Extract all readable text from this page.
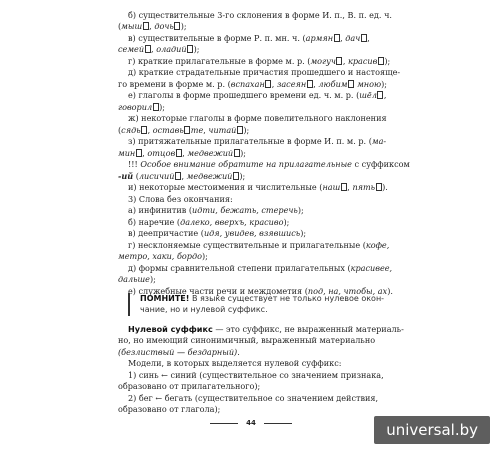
б) существительные 3-го склонения в форме И. п., В. п. ед. ч.
(мыш , дочь );
в) существительные в форме Р. п. мн. ч. (армян , дач ,
семей , оладий );
г) краткие прилагательные в форме м. р. (могуч , красив );
д) краткие страдательные причастия прошедшего и настояще-
го времени в форме м. р. (вспахан , засеян , любим мною);
е) глаголы в форме прошедшего времени ед. ч. м. р. (шёл ,
говорил );
ж) некоторые глаголы в форме повелительного наклонения
(сядь , оставь те, читай );
з) притяжательные прилагательные в форме И. п. м. р. (ма-
мин , отцов , медвежий );
!!! Особое внимание обратите на прилагательные с суффиксом
-ий (лисичий , медвежий );
и) некоторые местоимения и числительные (наш , пять ).
3) Слова без окончания:
а) инфинитив (идти, бежать, стеречь);
б) наречие (далеко, вверхъ, красиво);
в) деепричастие (идя, увидев, взявшись);
г) несклоняемые существительные и прилагательные (кофе,
метро, хаки, бордо);
д) формы сравнительной степени прилагательных (красивее,
дальше);
е) служебные части речи и междометия (под, на, чтобы, ах).
ПОМНИТЕ! В языке существует не только нулевое окон-
чание, но и нулевой суффикс.
Нулевой суффикс — это суффикс, не выраженный материаль-
но, но имеющий синонимичный, выраженный материально
(безлиствый — бездарный).
Модели, в которых выделяется нулевой суффикс:
1) синь ← синий (существительное со значением признака,
образовано от прилагательного);
2) бег ← бегать (существительное со значением действия,
образовано от глагола);
44	universal.by
